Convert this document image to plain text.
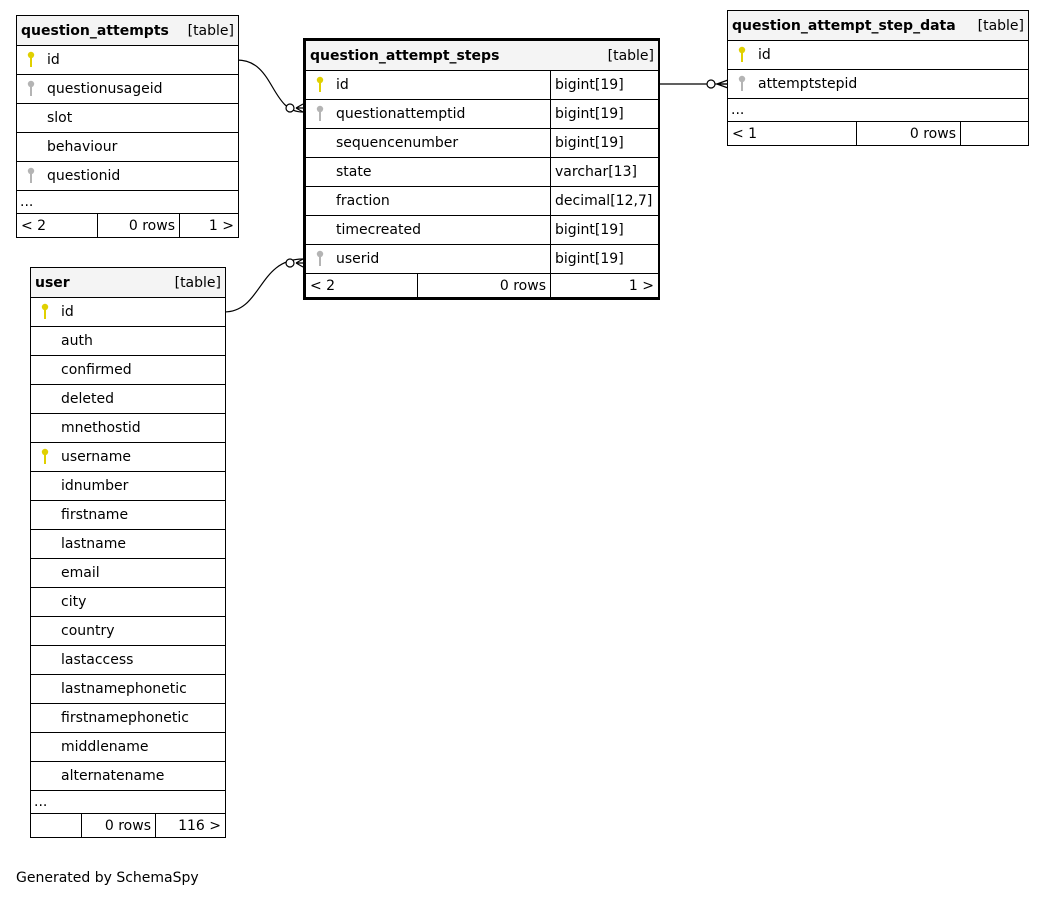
question_attempts [table]

id

questionusageid

slot

behaviour

questionid

...
< 2	0 rows	1 >
question_attempt_steps [table]		

id		bigint[19]

questionattemptid		bigint[19]

sequencenumber		bigint[19]

state		varchar[13]

fraction		decimal[12,7]

timecreated		bigint[19]

userid		bigint[19]
< 2	0 rows	1 >
question_attempt_step_data [table]

id

attemptstepid

...
< 1	0 rows	
user	[table]

id

auth

confirmed

deleted

mnethostid

username

idnumber

firstname

lastname

email

city

country

lastaccess

lastnamephonetic

firstnamephonetic

middlename

alternatename

...
	0 rows	116 >
Generated by SchemaSpy
